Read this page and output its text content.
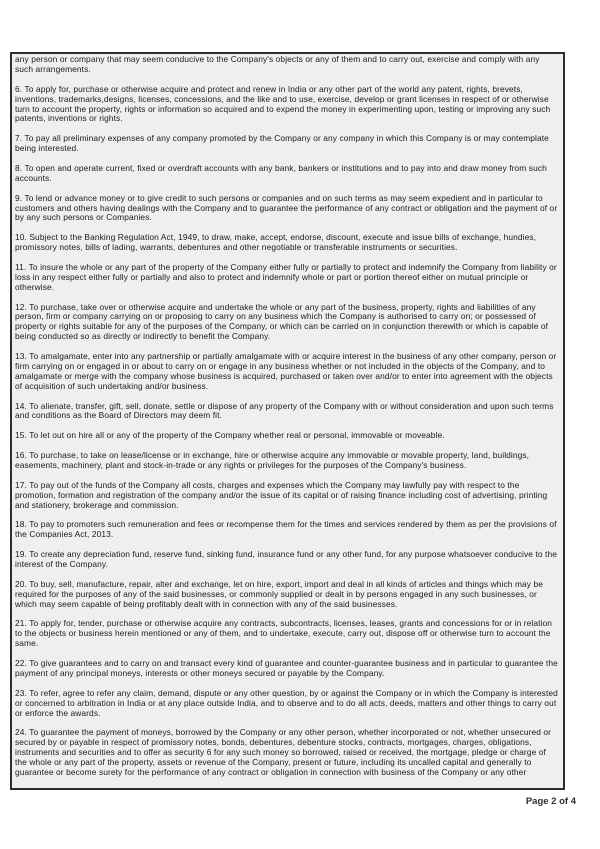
any person or company that may seem conducive to the Company's objects or any of them and to carry out, exercise and comply with any such arrangements.

6. To apply for, purchase or otherwise acquire and protect and renew in India or any other part of the world any patent, rights, brevets, inventions, trademarks,designs, licenses, concessions, and the like and to use, exercise, develop or grant licenses in respect of or otherwise turn to account the property, rights or information so acquired and to expend the money in experimenting upon, testing or improving any such patents, inventions or rights.

7. To pay all preliminary expenses of any company promoted by the Company or any company in which this Company is or may contemplate being interested.

8. To open and operate current, fixed or overdraft accounts with any bank, bankers or institutions and to pay into and draw money from such accounts.

9. To lend or advance money or to give credit to such persons or companies and on such terms as may seem expedient and in particular to customers and others having dealings with the Company and to guarantee the performance of any contract or obligation and the payment of or by any such persons or Companies.

10. Subject to the Banking Regulation Act, 1949, to draw, make, accept, endorse, discount, execute and issue bills of exchange, hundies, promissory notes, bills of lading, warrants, debentures and other negotiable or transferable instruments or securities.

11. To insure the whole or any part of the property of the Company either fully or partially to protect and indemnify the Company from liability or loss in any respect either fully or partially and also to protect and indemnify whole or part or portion thereof either on mutual principle or otherwise.

12. To purchase, take over or otherwise acquire and undertake the whole or any part of the business, property, rights and liabilities of any person, firm or company carrying on or proposing to carry on any business which the Company is authorised to carry on; or possessed of property or rights suitable for any of the purposes of the Company, or which can be carried on in conjunction therewith or which is capable of being conducted so as directly or indirectly to benefit the Company.

13. To amalgamate, enter into any partnership or partially amalgamate with or acquire interest in the business of any other company, person or firm carrying on or engaged in or about to carry on or engage in any business whether or not included in the objects of the Company, and to amalgamate or merge with the company whose business is acquired, purchased or taken over and/or to enter into agreement with the objects of acquisition of such undertaking and/or business.

14. To alienate, transfer, gift, sell, donate, settle or dispose of any property of the Company with or without consideration and upon such terms and conditions as the Board of Directors may deem fit.

15. To let out on hire all or any of the property of the Company whether real or personal, immovable or moveable.

16. To purchase, to take on lease/license or in exchange, hire or otherwise acquire any immovable or movable property, land, buildings, easements, machinery, plant and stock-in-trade or any rights or privileges for the purposes of the Company's business.

17. To pay out of the funds of the Company all costs, charges and expenses which the Company may lawfully pay with respect to the promotion, formation and registration of the company and/or the issue of its capital or of raising finance including cost of advertising, printing and stationery, brokerage and commission.

18. To pay to promoters such remuneration and fees or recompense them for the times and services rendered by them as per the provisions of the Companies Act, 2013.

19. To create any depreciation fund, reserve fund, sinking fund, insurance fund or any other fund, for any purpose whatsoever conducive to the interest of the Company.

20. To buy, sell, manufacture, repair, alter and exchange, let on hire, export, import and deal in all kinds of articles and things which may be required for the purposes of any of the said businesses, or commonly supplied or dealt in by persons engaged in any such businesses, or which may seem capable of being profitably dealt with in connection with any of the said businesses.

21. To apply for, tender, purchase or otherwise acquire any contracts, subcontracts, licenses, leases, grants and concessions for or in relation to the objects or business herein mentioned or any of them, and to undertake, execute, carry out, dispose off or otherwise turn to account the same.

22. To give guarantees and to carry on and transact every kind of guarantee and counter-guarantee business and in particular to guarantee the payment of any principal moneys, interests or other moneys secured or payable by the Company.

23. To refer, agree to refer any claim, demand, dispute or any other question, by or against the Company or in which the Company is interested or concerned to arbitration in India or at any place outside India, and to observe and to do all acts, deeds, matters and other things to carry out or enforce the awards.

24. To guarantee the payment of moneys, borrowed by the Company or any other person, whether incorporated or not, whether unsecured or secured by or payable in respect of promissory notes, bonds, debentures, debenture stocks, contracts, mortgages, charges, obligations, instruments and securities and to offer as security 6 for any such money so borrowed, raised or received, the mortgage, pledge or charge of the whole or any part of the property, assets or revenue of the Company, present or future, including its uncalled capital and generally to guarantee or become surety for the performance of any contract or obligation in connection with business of the Company or any other

Page 2 of 4
